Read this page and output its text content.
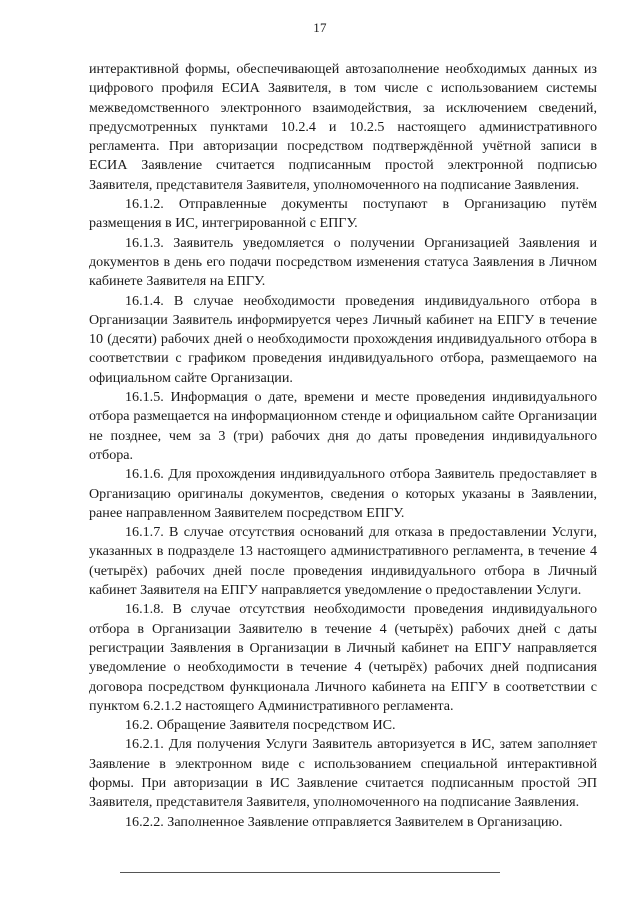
17

интерактивной формы, обеспечивающей автозаполнение необходимых данных из цифрового профиля ЕСИА Заявителя, в том числе с использованием системы межведомственного электронного взаимодействия, за исключением сведений, предусмотренных пунктами 10.2.4 и 10.2.5 настоящего административного регламента. При авторизации посредством подтверждённой учётной записи в ЕСИА Заявление считается подписанным простой электронной подписью Заявителя, представителя Заявителя, уполномоченного на подписание Заявления.

16.1.2. Отправленные документы поступают в Организацию путём размещения в ИС, интегрированной с ЕПГУ.

16.1.3. Заявитель уведомляется о получении Организацией Заявления и документов в день его подачи посредством изменения статуса Заявления в Личном кабинете Заявителя на ЕПГУ.

16.1.4. В случае необходимости проведения индивидуального отбора в Организации Заявитель информируется через Личный кабинет на ЕПГУ в течение 10 (десяти) рабочих дней о необходимости прохождения индивидуального отбора в соответствии с графиком проведения индивидуального отбора, размещаемого на официальном сайте Организации.

16.1.5. Информация о дате, времени и месте проведения индивидуального отбора размещается на информационном стенде и официальном сайте Организации не позднее, чем за 3 (три) рабочих дня до даты проведения индивидуального отбора.

16.1.6. Для прохождения индивидуального отбора Заявитель предоставляет в Организацию оригиналы документов, сведения о которых указаны в Заявлении, ранее направленном Заявителем посредством ЕПГУ.

16.1.7. В случае отсутствия оснований для отказа в предоставлении Услуги, указанных в подразделе 13 настоящего административного регламента, в течение 4 (четырёх) рабочих дней после проведения индивидуального отбора в Личный кабинет Заявителя на ЕПГУ направляется уведомление о предоставлении Услуги.

16.1.8. В случае отсутствия необходимости проведения индивидуального отбора в Организации Заявителю в течение 4 (четырёх) рабочих дней с даты регистрации Заявления в Организации в Личный кабинет на ЕПГУ направляется уведомление о необходимости в течение 4 (четырёх) рабочих дней подписания договора посредством функционала Личного кабинета на ЕПГУ в соответствии с пунктом 6.2.1.2 настоящего Административного регламента.

16.2. Обращение Заявителя посредством ИС.

16.2.1. Для получения Услуги Заявитель авторизуется в ИС, затем заполняет Заявление в электронном виде с использованием специальной интерактивной формы. При авторизации в ИС Заявление считается подписанным простой ЭП Заявителя, представителя Заявителя, уполномоченного на подписание Заявления.

16.2.2. Заполненное Заявление отправляется Заявителем в Организацию.
